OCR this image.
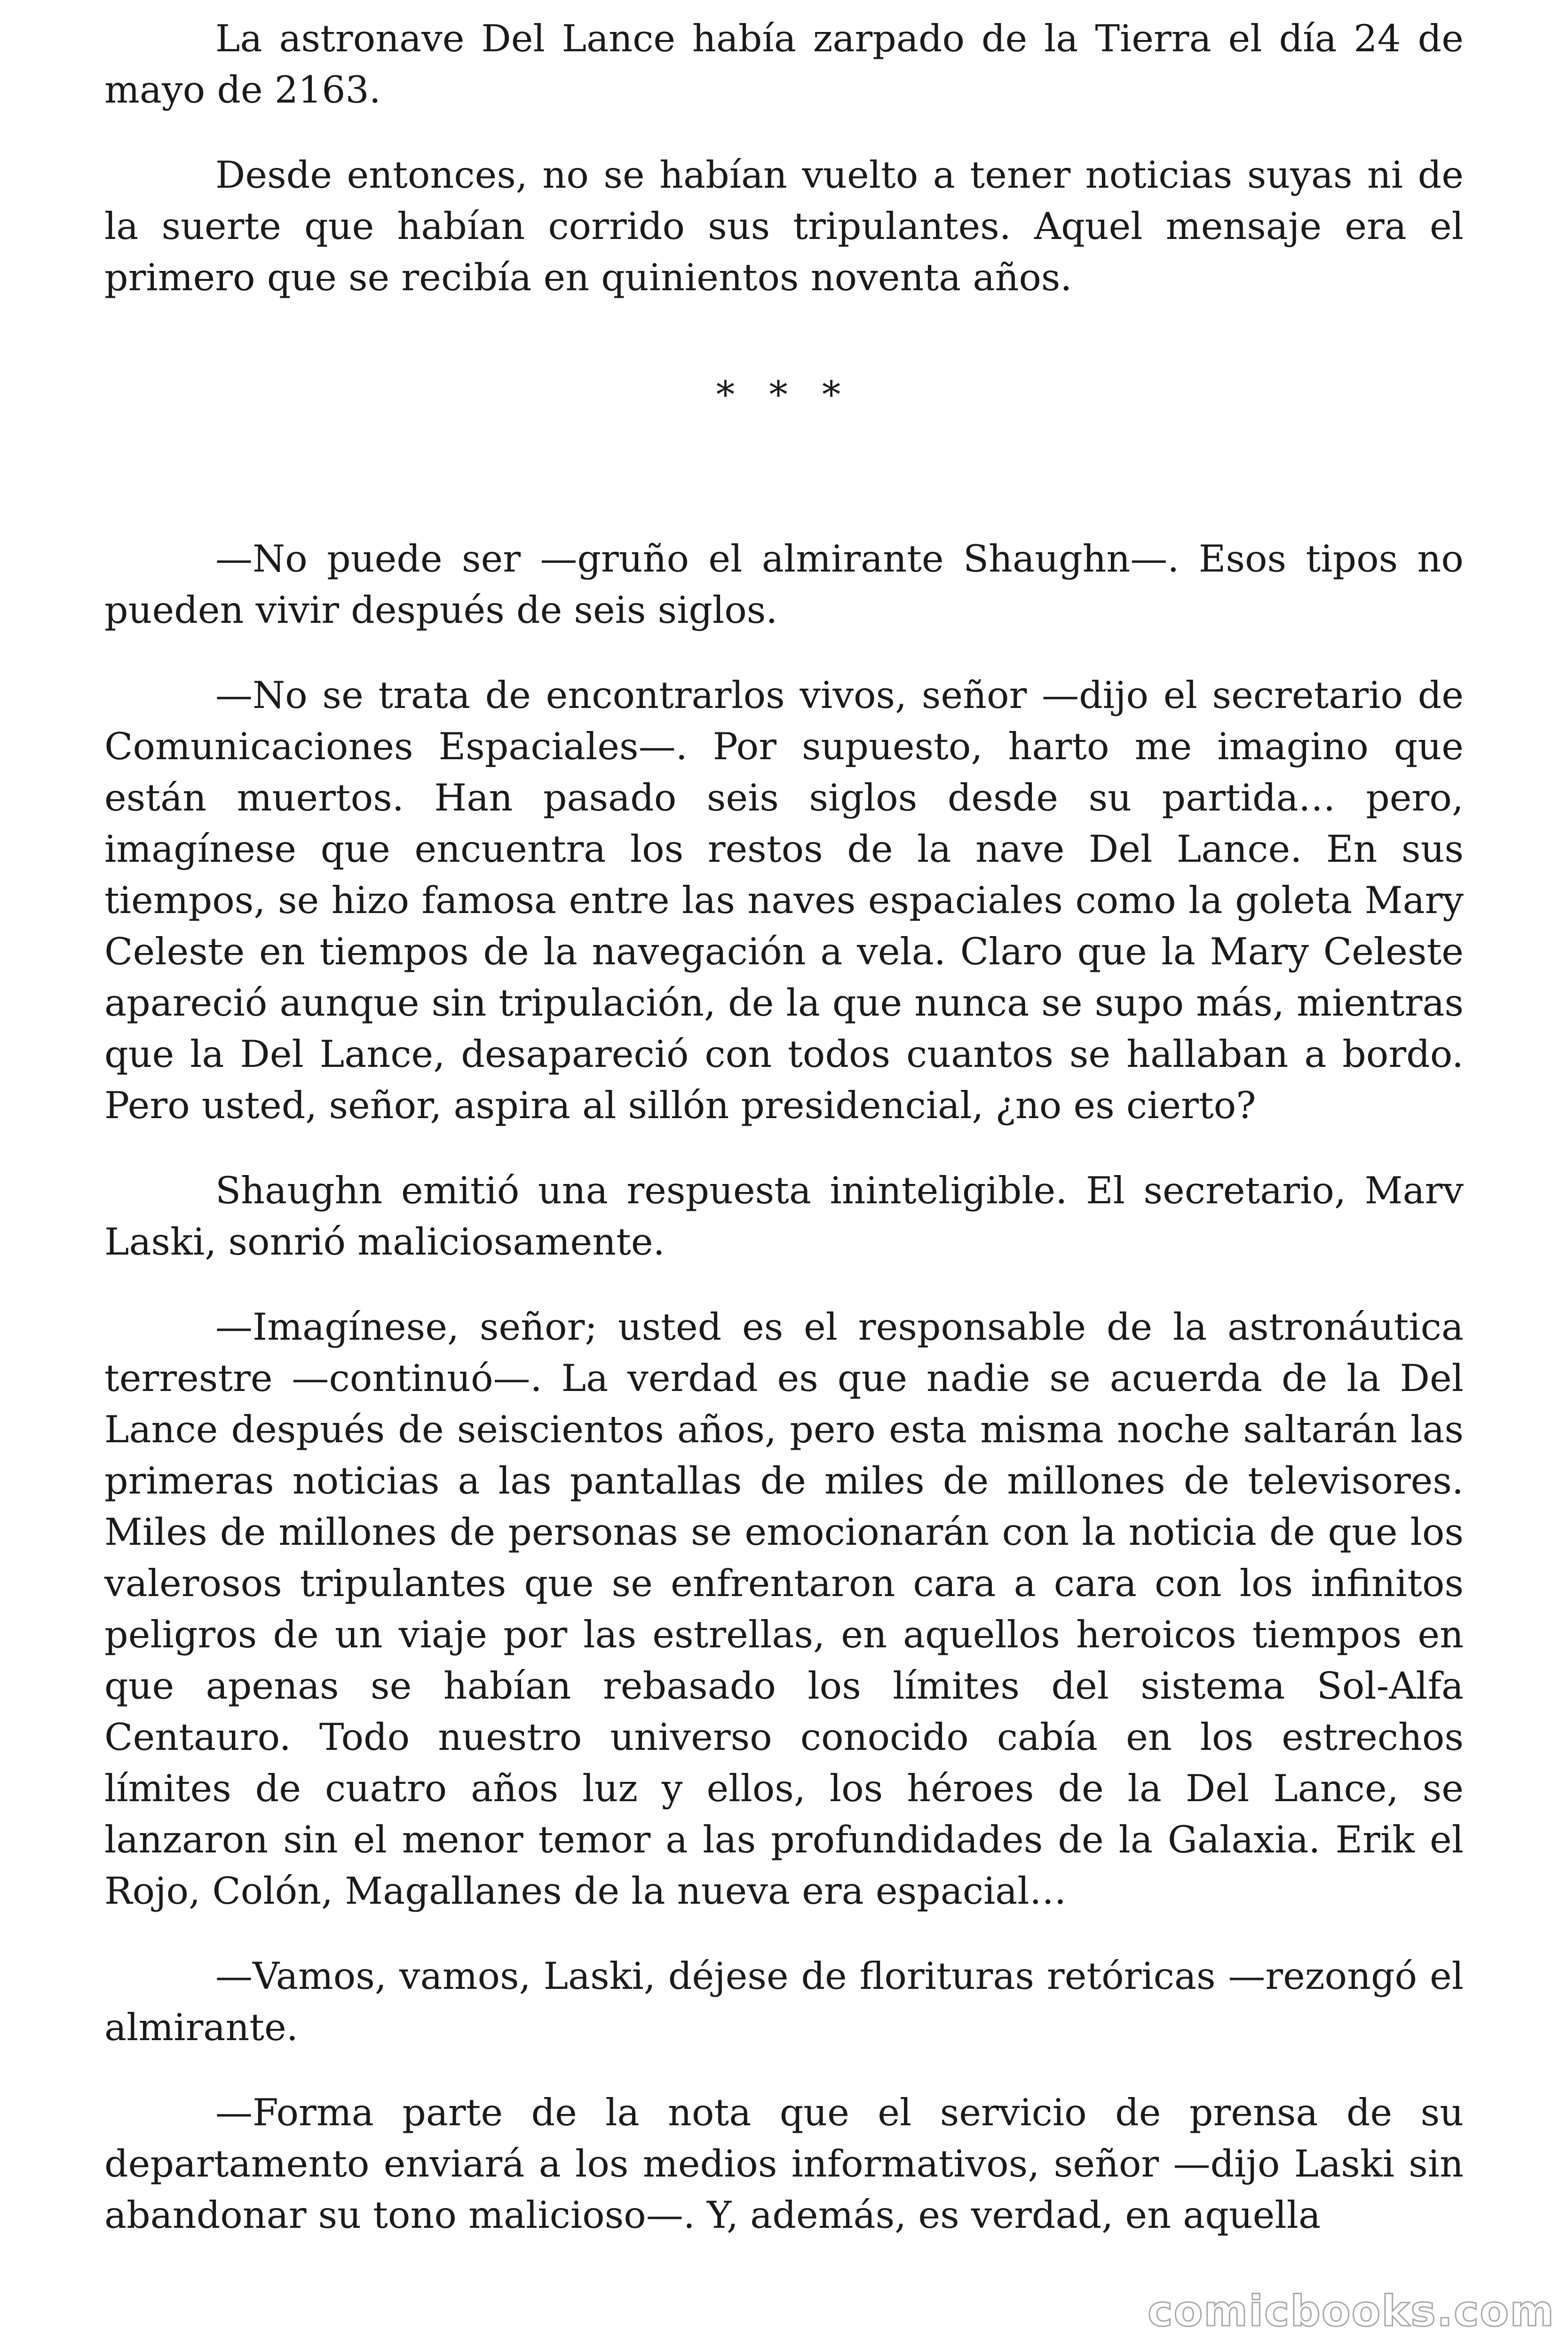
La astronave Del Lance había zarpado de la Tierra el día 24 de mayo de 2163.

Desde entonces, no se habían vuelto a tener noticias suyas ni de la suerte que habían corrido sus tripulantes. Aquel mensaje era el primero que se recibía en quinientos noventa años.

* * *

—No puede ser —gruño el almirante Shaughn—. Esos tipos no pueden vivir después de seis siglos.

—No se trata de encontrarlos vivos, señor —dijo el secretario de Comunicaciones Espaciales—. Por supuesto, harto me imagino que están muertos. Han pasado seis siglos desde su partida… pero, imagínese que encuentra los restos de la nave Del Lance. En sus tiempos, se hizo famosa entre las naves espaciales como la goleta Mary Celeste en tiempos de la navegación a vela. Claro que la Mary Celeste apareció aunque sin tripulación, de la que nunca se supo más, mientras que la Del Lance, desapareció con todos cuantos se hallaban a bordo. Pero usted, señor, aspira al sillón presidencial, ¿no es cierto?

Shaughn emitió una respuesta ininteligible. El secretario, Marv Laski, sonrió maliciosamente.

—Imagínese, señor; usted es el responsable de la astronáutica terrestre —continuó—. La verdad es que nadie se acuerda de la Del Lance después de seiscientos años, pero esta misma noche saltarán las primeras noticias a las pantallas de miles de millones de televisores. Miles de millones de personas se emocionarán con la noticia de que los valerosos tripulantes que se enfrentaron cara a cara con los infinitos peligros de un viaje por las estrellas, en aquellos heroicos tiempos en que apenas se habían rebasado los límites del sistema Sol-Alfa Centauro. Todo nuestro universo conocido cabía en los estrechos límites de cuatro años luz y ellos, los héroes de la Del Lance, se lanzaron sin el menor temor a las profundidades de la Galaxia. Erik el Rojo, Colón, Magallanes de la nueva era espacial…

—Vamos, vamos, Laski, déjese de florituras retóricas —rezongó el almirante.

—Forma parte de la nota que el servicio de prensa de su departamento enviará a los medios informativos, señor —dijo Laski sin abandonar su tono malicioso—. Y, además, es verdad, en aquella

comicbooks.com
